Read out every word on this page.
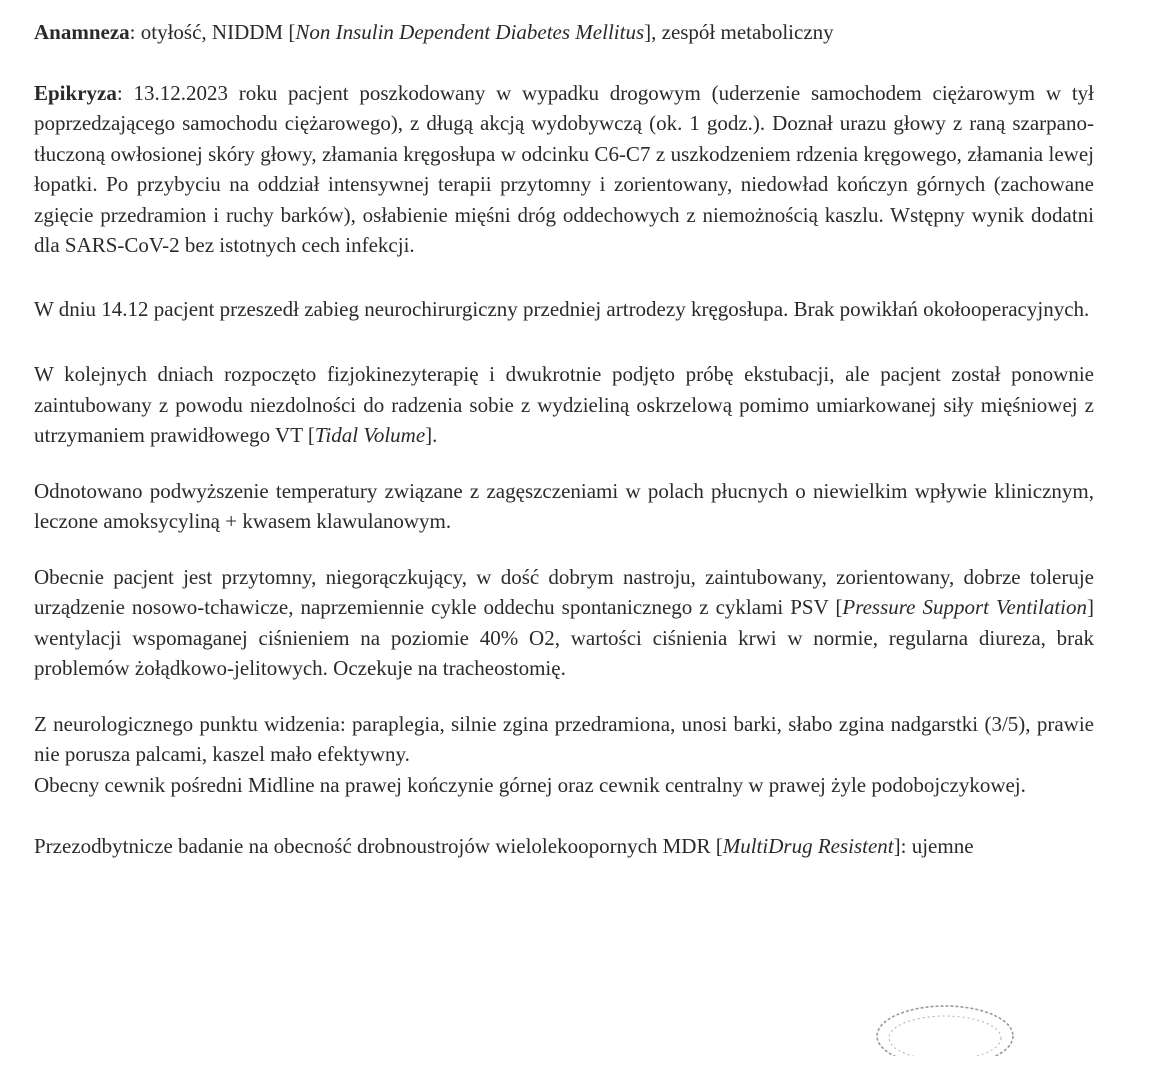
Anamneza: otyłość, NIDDM [Non Insulin Dependent Diabetes Mellitus], zespół metaboliczny

Epikryza: 13.12.2023 roku pacjent poszkodowany w wypadku drogowym (uderzenie samochodem ciężarowym w tył poprzedzającego samochodu ciężarowego), z długą akcją wydobywczą (ok. 1 godz.). Doznał urazu głowy z raną szarpano-tłuczoną owłosionej skóry głowy, złamania kręgosłupa w odcinku C6-C7 z uszkodzeniem rdzenia kręgowego, złamania lewej łopatki. Po przybyciu na oddział intensywnej terapii przytomny i zorientowany, niedowład kończyn górnych (zachowane zgięcie przedramion i ruchy barków), osłabienie mięśni dróg oddechowych z niemożnością kaszlu. Wstępny wynik dodatni dla SARS-CoV-2 bez istotnych cech infekcji.

W dniu 14.12 pacjent przeszedł zabieg neurochirurgiczny przedniej artrodezy kręgosłupa. Brak powikłań okołooperacyjnych.

W kolejnych dniach rozpoczęto fizjokinezyterapię i dwukrotnie podjęto próbę ekstubacji, ale pacjent został ponownie zaintubowany z powodu niezdolności do radzenia sobie z wydzieliną oskrzelową pomimo umiarkowanej siły mięśniowej z utrzymaniem prawidłowego VT [Tidal Volume].

Odnotowano podwyższenie temperatury związane z zagęszczeniami w polach płucnych o niewielkim wpływie klinicznym, leczone amoksycyliną + kwasem klawulanowym.

Obecnie pacjent jest przytomny, niegorączkujący, w dość dobrym nastroju, zaintubowany, zorientowany, dobrze toleruje urządzenie nosowo-tchawicze, naprzemiennie cykle oddechu spontanicznego z cyklami PSV [Pressure Support Ventilation] wentylacji wspomaganej ciśnieniem na poziomie 40% O2, wartości ciśnienia krwi w normie, regularna diureza, brak problemów żołądkowo-jelitowych. Oczekuje na tracheostomię.

Z neurologicznego punktu widzenia: paraplegia, silnie zgina przedramiona, unosi barki, słabo zgina nadgarstki (3/5), prawie nie porusza palcami, kaszel mało efektywny.

Obecny cewnik pośredni Midline na prawej kończynie górnej oraz cewnik centralny w prawej żyle podobojczykowej.

Przezodbytnicze badanie na obecność drobnoustrojów wielolekoopornych MDR [MultiDrug Resistent]: ujemne
